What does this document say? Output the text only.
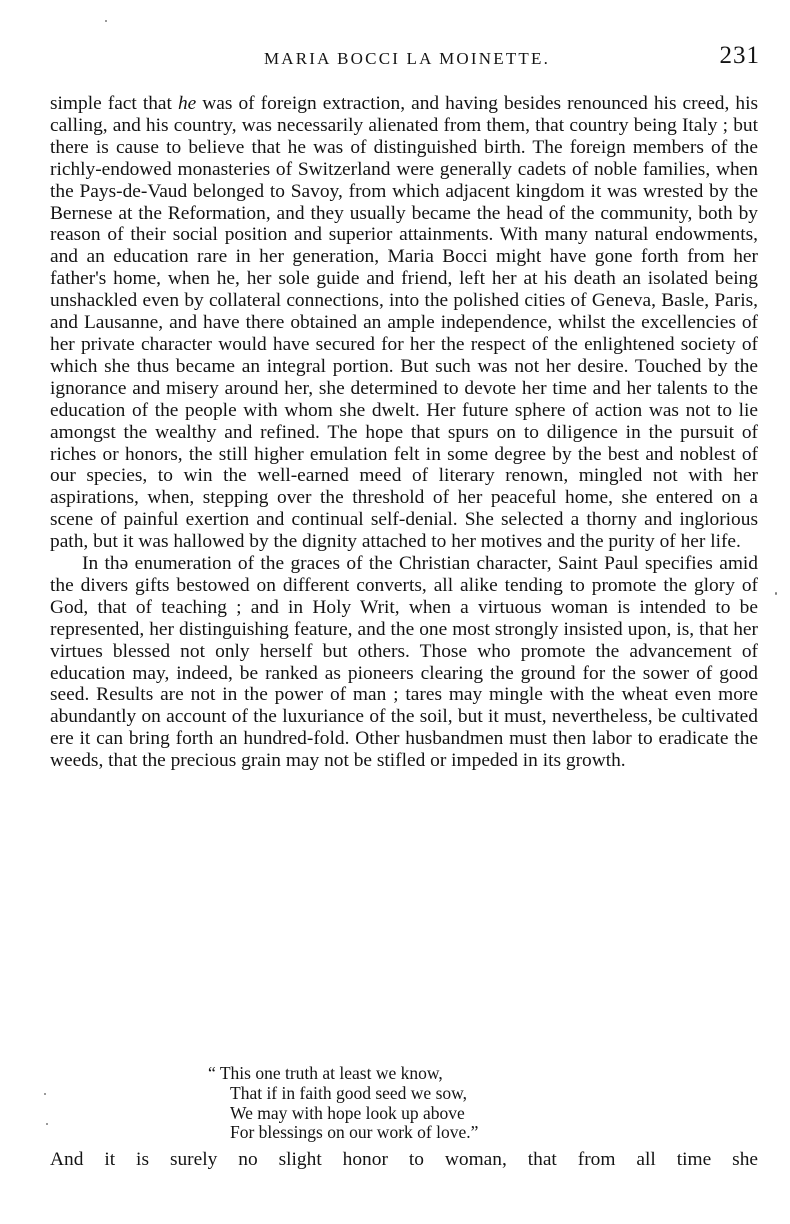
MARIA BOCCI LA MOINETTE.	231

simple fact that he was of foreign extraction, and having besides renounced his creed, his calling, and his country, was necessarily alienated from them, that country being Italy ; but there is cause to believe that he was of distinguished birth. The foreign members of the richly-endowed monasteries of Switzerland were generally cadets of noble families, when the Pays-de-Vaud belonged to Savoy, from which adjacent kingdom it was wrested by the Bernese at the Reformation, and they usually became the head of the community, both by reason of their social position and superior attainments. With many natural endowments, and an education rare in her generation, Maria Bocci might have gone forth from her father's home, when he, her sole guide and friend, left her at his death an isolated being unshackled even by collateral connections, into the polished cities of Geneva, Basle, Paris, and Lausanne, and have there obtained an ample independence, whilst the excellencies of her private character would have secured for her the respect of the enlightened society of which she thus became an integral portion. But such was not her desire. Touched by the ignorance and misery around her, she determined to devote her time and her talents to the education of the people with whom she dwelt. Her future sphere of action was not to lie amongst the wealthy and refined. The hope that spurs on to diligence in the pursuit of riches or honors, the still higher emulation felt in some degree by the best and noblest of our species, to win the well-earned meed of literary renown, mingled not with her aspirations, when, stepping over the threshold of her peaceful home, she entered on a scene of painful exertion and continual self-denial. She selected a thorny and inglorious path, but it was hallowed by the dignity attached to her motives and the purity of her life.

In thə enumeration of the graces of the Christian character, Saint Paul specifies amid the divers gifts bestowed on different converts, all alike tending to promote the glory of God, that of teaching ; and in Holy Writ, when a virtuous woman is intended to be represented, her distinguishing feature, and the one most strongly insisted upon, is, that her virtues blessed not only herself but others. Those who promote the advancement of education may, indeed, be ranked as pioneers clearing the ground for the sower of good seed. Results are not in the power of man ; tares may mingle with the wheat even more abundantly on account of the luxuriance of the soil, but it must, nevertheless, be cultivated ere it can bring forth an hundred-fold. Other husbandmen must then labor to eradicate the weeds, that the precious grain may not be stifled or impeded in its growth.

“ This one truth at least we know,
That if in faith good seed we sow,
We may with hope look up above
For blessings on our work of love.”
And it is surely no slight honor to woman, that from all time she
